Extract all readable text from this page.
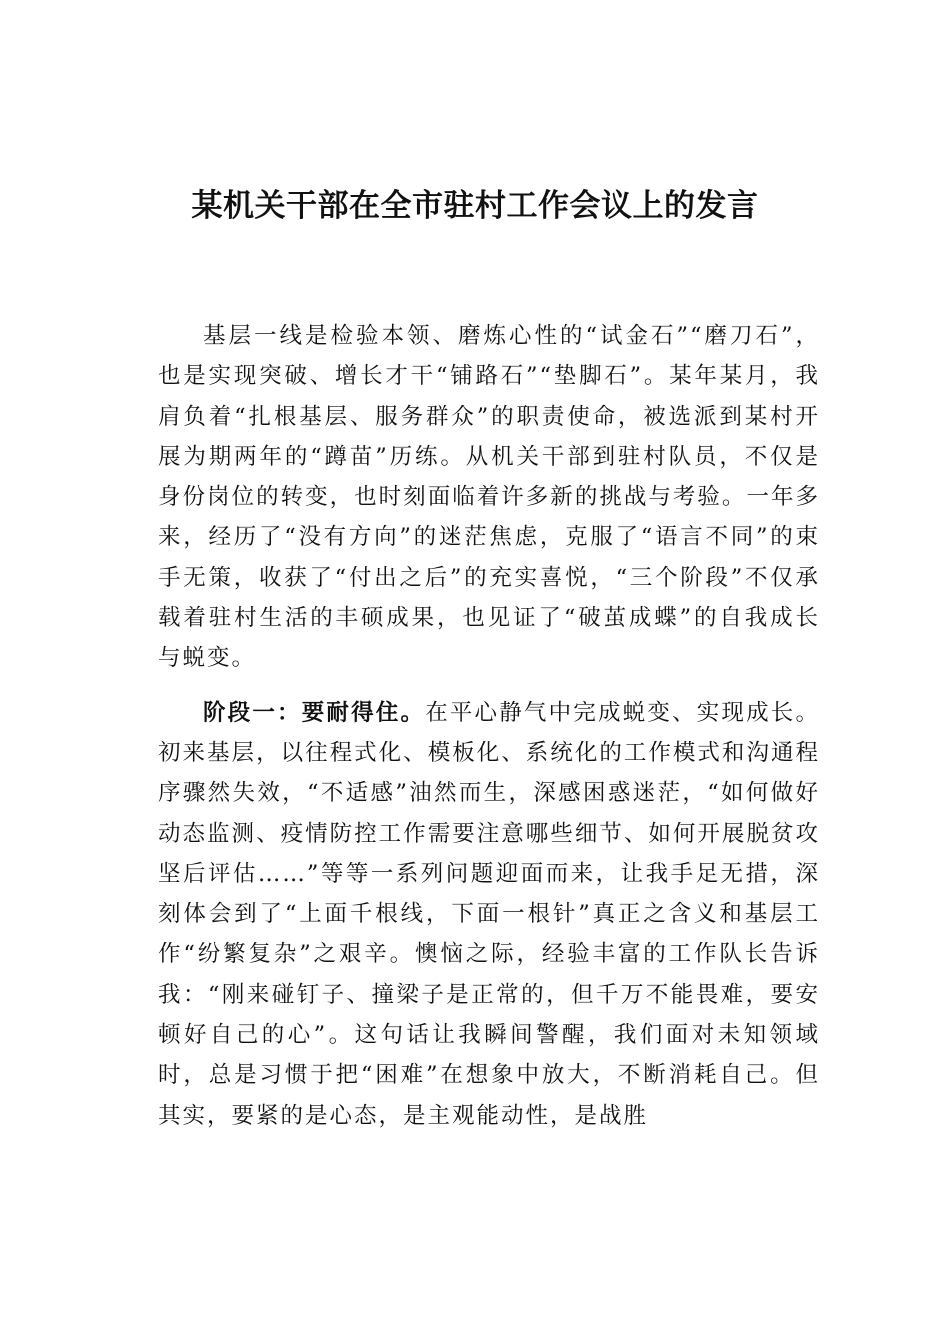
某机关干部在全市驻村工作会议上的发言

基层一线是检验本领、磨炼心性的“试金石”“磨刀石”，也是实现突破、增长才干“铺路石”“垫脚石”。某年某月，我肩负着“扎根基层、服务群众”的职责使命，被选派到某村开展为期两年的“蹲苗”历练。从机关干部到驻村队员，不仅是身份岗位的转变，也时刻面临着许多新的挑战与考验。一年多来，经历了“没有方向”的迷茫焦虑，克服了“语言不同”的束手无策，收获了“付出之后”的充实喜悦，“三个阶段”不仅承载着驻村生活的丰硕成果，也见证了“破茧成蝶”的自我成长与蜕变。

阶段一：要耐得住。在平心静气中完成蜕变、实现成长。初来基层，以往程式化、模板化、系统化的工作模式和沟通程序骤然失效，“不适感”油然而生，深感困惑迷茫，“如何做好动态监测、疫情防控工作需要注意哪些细节、如何开展脱贫攻坚后评估……”等等一系列问题迎面而来，让我手足无措，深刻体会到了“上面千根线，下面一根针”真正之含义和基层工作“纷繁复杂”之艰辛。懊恼之际，经验丰富的工作队长告诉我：“刚来碰钉子、撞梁子是正常的，但千万不能畏难，要安顿好自己的心”。这句话让我瞬间警醒，我们面对未知领域时，总是习惯于把“困难”在想象中放大，不断消耗自己。但其实，要紧的是心态，是主观能动性，是战胜
